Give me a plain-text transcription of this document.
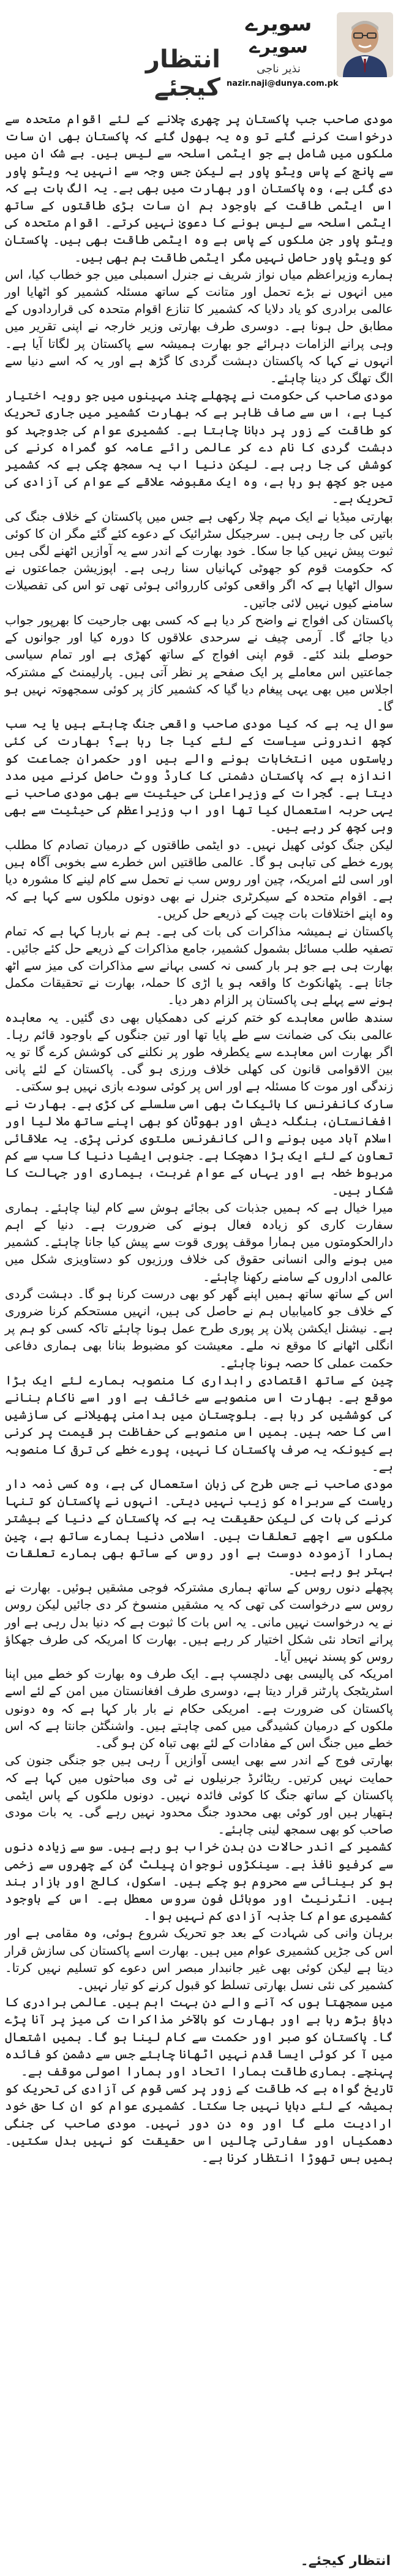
انتظار کیجئے
سویرے
سویرے
نذیر ناجی
nazir.naji@dunya.com.pk

مودی صاحب جب پاکستان پر چھری چلانے کے لئے اقوام متحدہ سے درخواست کرنے گئے تو وہ یہ بھول گئے کہ پاکستان بھی ان سات ملکوں میں شامل ہے جو ایٹمی اسلحہ سے لیس ہیں۔ بے شک ان میں سے پانچ کے پاس ویٹو پاور ہے لیکن جس وجہ سے انہیں یہ ویٹو پاور دی گئی ہے، وہ پاکستان اور بھارت میں بھی ہے۔ یہ الگ بات ہے کہ اس ایٹمی طاقت کے باوجود ہم ان سات بڑی طاقتوں کے ساتھ ایٹمی اسلحہ سے لیس ہونے کا دعویٰ نہیں کرتے۔ اقوام متحدہ کی ویٹو پاور جن ملکوں کے پاس ہے وہ ایٹمی طاقت بھی ہیں۔ پاکستان کو ویٹو پاور حاصل نہیں مگر ایٹمی طاقت ہم بھی ہیں۔

ہمارے وزیراعظم میاں نواز شریف نے جنرل اسمبلی میں جو خطاب کیا، اس میں انہوں نے بڑے تحمل اور متانت کے ساتھ مسئلہ کشمیر کو اٹھایا اور عالمی برادری کو یاد دلایا کہ کشمیر کا تنازع اقوام متحدہ کی قراردادوں کے مطابق حل ہونا ہے۔ دوسری طرف بھارتی وزیر خارجہ نے اپنی تقریر میں وہی پرانے الزامات دہرائے جو بھارت ہمیشہ سے پاکستان پر لگاتا آیا ہے۔ انہوں نے کہا کہ پاکستان دہشت گردی کا گڑھ ہے اور یہ کہ اسے دنیا سے الگ تھلگ کر دینا چاہئے۔

مودی صاحب کی حکومت نے پچھلے چند مہینوں میں جو رویہ اختیار کیا ہے، اس سے صاف ظاہر ہے کہ بھارت کشمیر میں جاری تحریک کو طاقت کے زور پر دبانا چاہتا ہے۔ کشمیری عوام کی جدوجہد کو دہشت گردی کا نام دے کر عالمی رائے عامہ کو گمراہ کرنے کی کوشش کی جا رہی ہے۔ لیکن دنیا اب یہ سمجھ چکی ہے کہ کشمیر میں جو کچھ ہو رہا ہے، وہ ایک مقبوضہ علاقے کے عوام کی آزادی کی تحریک ہے۔

بھارتی میڈیا نے ایک مہم چلا رکھی ہے جس میں پاکستان کے خلاف جنگ کی باتیں کی جا رہی ہیں۔ سرجیکل سٹرائیک کے دعوے کئے گئے مگر ان کا کوئی ثبوت پیش نہیں کیا جا سکا۔ خود بھارت کے اندر سے یہ آوازیں اٹھنے لگی ہیں کہ حکومت قوم کو جھوٹی کہانیاں سنا رہی ہے۔ اپوزیشن جماعتوں نے سوال اٹھایا ہے کہ اگر واقعی کوئی کارروائی ہوئی تھی تو اس کی تفصیلات سامنے کیوں نہیں لائی جاتیں۔

پاکستان کی افواج نے واضح کر دیا ہے کہ کسی بھی جارحیت کا بھرپور جواب دیا جائے گا۔ آرمی چیف نے سرحدی علاقوں کا دورہ کیا اور جوانوں کے حوصلے بلند کئے۔ قوم اپنی افواج کے ساتھ کھڑی ہے اور تمام سیاسی جماعتیں اس معاملے پر ایک صفحے پر نظر آتی ہیں۔ پارلیمنٹ کے مشترکہ اجلاس میں بھی یہی پیغام دیا گیا کہ کشمیر کاز پر کوئی سمجھوتہ نہیں ہو گا۔

سوال یہ ہے کہ کیا مودی صاحب واقعی جنگ چاہتے ہیں یا یہ سب کچھ اندرونی سیاست کے لئے کیا جا رہا ہے؟ بھارت کی کئی ریاستوں میں انتخابات ہونے والے ہیں اور حکمران جماعت کو اندازہ ہے کہ پاکستان دشمنی کا کارڈ ووٹ حاصل کرنے میں مدد دیتا ہے۔ گجرات کے وزیراعلیٰ کی حیثیت سے بھی مودی صاحب نے یہی حربہ استعمال کیا تھا اور اب وزیراعظم کی حیثیت سے بھی وہی کچھ کر رہے ہیں۔

لیکن جنگ کوئی کھیل نہیں۔ دو ایٹمی طاقتوں کے درمیان تصادم کا مطلب پورے خطے کی تباہی ہو گا۔ عالمی طاقتیں اس خطرے سے بخوبی آگاہ ہیں اور اسی لئے امریکہ، چین اور روس سب نے تحمل سے کام لینے کا مشورہ دیا ہے۔ اقوام متحدہ کے سیکرٹری جنرل نے بھی دونوں ملکوں سے کہا ہے کہ وہ اپنے اختلافات بات چیت کے ذریعے حل کریں۔

پاکستان نے ہمیشہ مذاکرات کی بات کی ہے۔ ہم نے بارہا کہا ہے کہ تمام تصفیہ طلب مسائل بشمول کشمیر، جامع مذاکرات کے ذریعے حل کئے جائیں۔ بھارت ہی ہے جو ہر بار کسی نہ کسی بہانے سے مذاکرات کی میز سے اٹھ جاتا ہے۔ پٹھانکوٹ کا واقعہ ہو یا اڑی کا حملہ، بھارت نے تحقیقات مکمل ہونے سے پہلے ہی پاکستان پر الزام دھر دیا۔

سندھ طاس معاہدے کو ختم کرنے کی دھمکیاں بھی دی گئیں۔ یہ معاہدہ عالمی بنک کی ضمانت سے طے پایا تھا اور تین جنگوں کے باوجود قائم رہا۔ اگر بھارت اس معاہدے سے یکطرفہ طور پر نکلنے کی کوشش کرے گا تو یہ بین الاقوامی قانون کی کھلی خلاف ورزی ہو گی۔ پاکستان کے لئے پانی زندگی اور موت کا مسئلہ ہے اور اس پر کوئی سودے بازی نہیں ہو سکتی۔

سارک کانفرنس کا بائیکاٹ بھی اسی سلسلے کی کڑی ہے۔ بھارت نے افغانستان، بنگلہ دیش اور بھوٹان کو بھی اپنے ساتھ ملا لیا اور اسلام آباد میں ہونے والی کانفرنس ملتوی کرنی پڑی۔ یہ علاقائی تعاون کے لئے ایک بڑا دھچکا ہے۔ جنوبی ایشیا دنیا کا سب سے کم مربوط خطہ ہے اور یہاں کے عوام غربت، بیماری اور جہالت کا شکار ہیں۔

میرا خیال ہے کہ ہمیں جذبات کی بجائے ہوش سے کام لینا چاہئے۔ ہماری سفارت کاری کو زیادہ فعال ہونے کی ضرورت ہے۔ دنیا کے اہم دارالحکومتوں میں ہمارا موقف پوری قوت سے پیش کیا جانا چاہئے۔ کشمیر میں ہونے والی انسانی حقوق کی خلاف ورزیوں کو دستاویزی شکل میں عالمی اداروں کے سامنے رکھنا چاہئے۔

اس کے ساتھ ساتھ ہمیں اپنے گھر کو بھی درست کرنا ہو گا۔ دہشت گردی کے خلاف جو کامیابیاں ہم نے حاصل کی ہیں، انہیں مستحکم کرنا ضروری ہے۔ نیشنل ایکشن پلان پر پوری طرح عمل ہونا چاہئے تاکہ کسی کو ہم پر انگلی اٹھانے کا موقع نہ ملے۔ معیشت کو مضبوط بنانا بھی ہماری دفاعی حکمت عملی کا حصہ ہونا چاہئے۔

چین کے ساتھ اقتصادی راہداری کا منصوبہ ہمارے لئے ایک بڑا موقع ہے۔ بھارت اس منصوبے سے خائف ہے اور اسے ناکام بنانے کی کوششیں کر رہا ہے۔ بلوچستان میں بدامنی پھیلانے کی سازشیں اسی کا حصہ ہیں۔ ہمیں اس منصوبے کی حفاظت ہر قیمت پر کرنی ہے کیونکہ یہ صرف پاکستان کا نہیں، پورے خطے کی ترقی کا منصوبہ ہے۔

مودی صاحب نے جس طرح کی زبان استعمال کی ہے، وہ کسی ذمہ دار ریاست کے سربراہ کو زیب نہیں دیتی۔ انہوں نے پاکستان کو تنہا کرنے کی بات کی لیکن حقیقت یہ ہے کہ پاکستان کے دنیا کے بیشتر ملکوں سے اچھے تعلقات ہیں۔ اسلامی دنیا ہمارے ساتھ ہے، چین ہمارا آزمودہ دوست ہے اور روس کے ساتھ بھی ہمارے تعلقات بہتر ہو رہے ہیں۔

پچھلے دنوں روس کے ساتھ ہماری مشترکہ فوجی مشقیں ہوئیں۔ بھارت نے روس سے درخواست کی تھی کہ یہ مشقیں منسوخ کر دی جائیں لیکن روس نے یہ درخواست نہیں مانی۔ یہ اس بات کا ثبوت ہے کہ دنیا بدل رہی ہے اور پرانے اتحاد نئی شکل اختیار کر رہے ہیں۔ بھارت کا امریکہ کی طرف جھکاؤ روس کو پسند نہیں آیا۔

امریکہ کی پالیسی بھی دلچسپ ہے۔ ایک طرف وہ بھارت کو خطے میں اپنا اسٹریٹجک پارٹنر قرار دیتا ہے، دوسری طرف افغانستان میں امن کے لئے اسے پاکستان کی ضرورت ہے۔ امریکی حکام نے بار بار کہا ہے کہ وہ دونوں ملکوں کے درمیان کشیدگی میں کمی چاہتے ہیں۔ واشنگٹن جانتا ہے کہ اس خطے میں جنگ اس کے مفادات کے لئے بھی تباہ کن ہو گی۔

بھارتی فوج کے اندر سے بھی ایسی آوازیں آ رہی ہیں جو جنگی جنون کی حمایت نہیں کرتیں۔ ریٹائرڈ جرنیلوں نے ٹی وی مباحثوں میں کہا ہے کہ پاکستان کے ساتھ جنگ کا کوئی فائدہ نہیں۔ دونوں ملکوں کے پاس ایٹمی ہتھیار ہیں اور کوئی بھی محدود جنگ محدود نہیں رہے گی۔ یہ بات مودی صاحب کو بھی سمجھ لینی چاہئے۔

کشمیر کے اندر حالات دن بدن خراب ہو رہے ہیں۔ سو سے زیادہ دنوں سے کرفیو نافذ ہے۔ سینکڑوں نوجوان پیلٹ گن کے چھروں سے زخمی ہو کر بینائی سے محروم ہو چکے ہیں۔ اسکول، کالج اور بازار بند ہیں۔ انٹرنیٹ اور موبائل فون سروس معطل ہے۔ اس کے باوجود کشمیری عوام کا جذبہ آزادی کم نہیں ہوا۔

برہان وانی کی شہادت کے بعد جو تحریک شروع ہوئی، وہ مقامی ہے اور اس کی جڑیں کشمیری عوام میں ہیں۔ بھارت اسے پاکستان کی سازش قرار دیتا ہے لیکن کوئی بھی غیر جانبدار مبصر اس دعوے کو تسلیم نہیں کرتا۔ کشمیر کی نئی نسل بھارتی تسلط کو قبول کرنے کو تیار نہیں۔

میں سمجھتا ہوں کہ آنے والے دن بہت اہم ہیں۔ عالمی برادری کا دباؤ بڑھ رہا ہے اور بھارت کو بالآخر مذاکرات کی میز پر آنا پڑے گا۔ پاکستان کو صبر اور حکمت سے کام لینا ہو گا۔ ہمیں اشتعال میں آ کر کوئی ایسا قدم نہیں اٹھانا چاہئے جس سے دشمن کو فائدہ پہنچے۔ ہماری طاقت ہمارا اتحاد اور ہمارا اصولی موقف ہے۔

تاریخ گواہ ہے کہ طاقت کے زور پر کسی قوم کی آزادی کی تحریک کو ہمیشہ کے لئے دبایا نہیں جا سکتا۔ کشمیری عوام کو ان کا حق خود ارادیت ملے گا اور وہ دن دور نہیں۔ مودی صاحب کی جنگی دھمکیاں اور سفارتی چالیں اس حقیقت کو نہیں بدل سکتیں۔ ہمیں بس تھوڑا انتظار کرنا ہے۔

انتظار کیجئے۔
